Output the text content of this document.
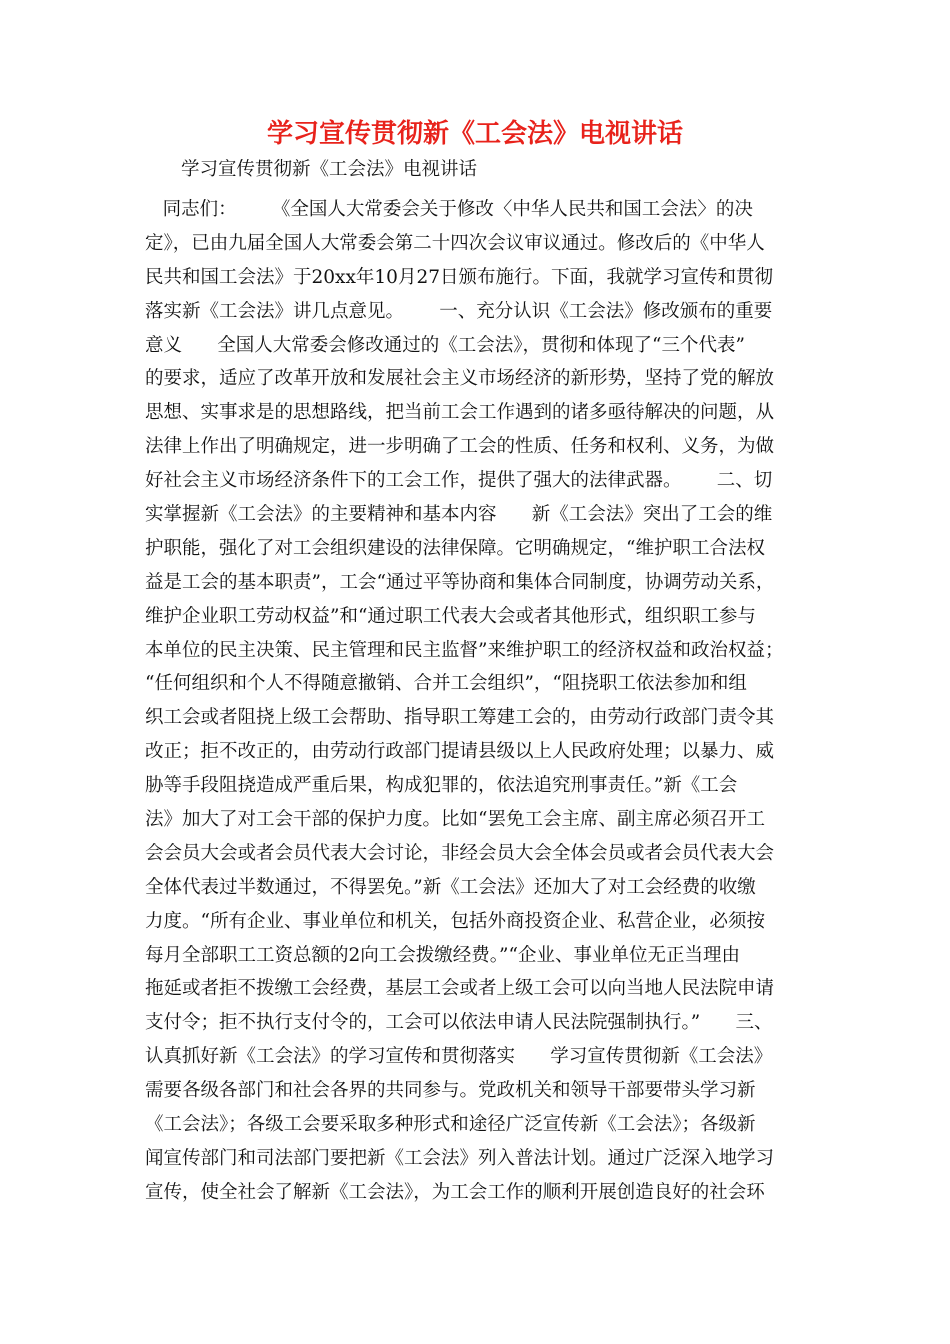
学习宣传贯彻新《工会法》电视讲话

学习宣传贯彻新《工会法》电视讲话

同志们：      《全国人大常委会关于修改〈中华人民共和国工会法〉的决
定》，已由九届全国人大常委会第二十四次会议审议通过。修改后的《中华人
民共和国工会法》于20xx年10月27日颁布施行。下面，我就学习宣传和贯彻
落实新《工会法》讲几点意见。      一、充分认识《工会法》修改颁布的重要
意义      全国人大常委会修改通过的《工会法》，贯彻和体现了“三个代表”
的要求，适应了改革开放和发展社会主义市场经济的新形势，坚持了党的解放
思想、实事求是的思想路线，把当前工会工作遇到的诸多亟待解决的问题，从
法律上作出了明确规定，进一步明确了工会的性质、任务和权利、义务，为做
好社会主义市场经济条件下的工会工作，提供了强大的法律武器。      二、切
实掌握新《工会法》的主要精神和基本内容      新《工会法》突出了工会的维
护职能，强化了对工会组织建设的法律保障。它明确规定，“维护职工合法权
益是工会的基本职责”，工会“通过平等协商和集体合同制度，协调劳动关系，
维护企业职工劳动权益”和“通过职工代表大会或者其他形式，组织职工参与
本单位的民主决策、民主管理和民主监督”来维护职工的经济权益和政治权益；
“任何组织和个人不得随意撤销、合并工会组织”，“阻挠职工依法参加和组
织工会或者阻挠上级工会帮助、指导职工筹建工会的，由劳动行政部门责令其
改正；拒不改正的，由劳动行政部门提请县级以上人民政府处理；以暴力、威
胁等手段阻挠造成严重后果，构成犯罪的，依法追究刑事责任。”新《工会
法》加大了对工会干部的保护力度。比如“罢免工会主席、副主席必须召开工
会会员大会或者会员代表大会讨论，非经会员大会全体会员或者会员代表大会
全体代表过半数通过，不得罢免。”新《工会法》还加大了对工会经费的收缴
力度。“所有企业、事业单位和机关，包括外商投资企业、私营企业，必须按
每月全部职工工资总额的2向工会拨缴经费。”“企业、事业单位无正当理由
拖延或者拒不拨缴工会经费，基层工会或者上级工会可以向当地人民法院申请
支付令；拒不执行支付令的，工会可以依法申请人民法院强制执行。”      三、
认真抓好新《工会法》的学习宣传和贯彻落实      学习宣传贯彻新《工会法》
需要各级各部门和社会各界的共同参与。党政机关和领导干部要带头学习新
《工会法》；各级工会要采取多种形式和途径广泛宣传新《工会法》；各级新
闻宣传部门和司法部门要把新《工会法》列入普法计划。通过广泛深入地学习
宣传，使全社会了解新《工会法》，为工会工作的顺利开展创造良好的社会环
